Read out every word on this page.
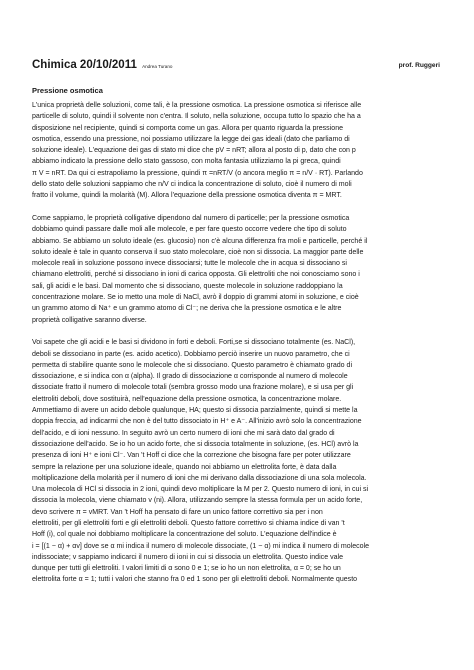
Chimica 20/10/2011 Andrea Turano	prof. Ruggeri
Pressione osmotica

L'unica proprietà delle soluzioni, come tali, è la pressione osmotica. La pressione osmotica si riferisce alle
particelle di soluto, quindi il solvente non c'entra. Il soluto, nella soluzione, occupa tutto lo spazio che ha a
disposizione nel recipiente, quindi si comporta come un gas. Allora per quanto riguarda la pressione
osmotica, essendo una pressione, noi possiamo utilizzare la legge dei gas ideali (dato che parliamo di
soluzione ideale). L'equazione dei gas di stato mi dice che pV = nRT; allora al posto di p, dato che con p
abbiamo indicato la pressione dello stato gassoso, con molta fantasia utilizziamo la pi greca, quindi
π V = nRT. Da qui ci estrapoliamo la pressione, quindi π =nRT/V (o ancora meglio π = n/V · RT). Parlando
dello stato delle soluzioni sappiamo che n/V ci indica la concentrazione di soluto, cioè il numero di moli
fratto il volume, quindi la molarità (M). Allora l'equazione della pressione osmotica diventa π = MRT.

Come sappiamo, le proprietà colligative dipendono dal numero di particelle; per la pressione osmotica
dobbiamo quindi passare dalle moli alle molecole, e per fare questo occorre vedere che tipo di soluto
abbiamo. Se abbiamo un soluto ideale (es. glucosio) non c'è alcuna differenza fra moli e particelle, perché il
soluto ideale è tale in quanto conserva il suo stato molecolare, cioè non si dissocia. La maggior parte delle
molecole reali in soluzione possono invece dissociarsi; tutte le molecole che in acqua si dissociano si
chiamano elettroliti, perché si dissociano in ioni di carica opposta. Gli elettroliti che noi conosciamo sono i
sali, gli acidi e le basi. Dal momento che si dissociano, queste molecole in soluzione raddoppiano la
concentrazione molare. Se io metto una mole di NaCl, avrò il doppio di grammi atomi in soluzione, e cioè
un grammo atomo di Na⁺ e un grammo atomo di Cl⁻; ne deriva che la pressione osmotica e le altre
proprietà colligative saranno diverse.

Voi sapete che gli acidi e le basi si dividono in forti e deboli. Forti,se si dissociano totalmente (es. NaCl),
deboli se dissociano in parte (es. acido acetico). Dobbiamo perciò inserire un nuovo parametro, che ci
permetta di stabilire quante sono le molecole che si dissociano. Questo parametro è chiamato grado di
dissociazione, e si indica con α (alpha). Il grado di dissociazione α corrisponde al numero di molecole
dissociate fratto il numero di molecole totali (sembra grosso modo una frazione molare), e si usa per gli
elettroliti deboli, dove sostituirà, nell'equazione della pressione osmotica, la concentrazione molare.
Ammettiamo di avere un acido debole qualunque, HA; questo si dissocia parzialmente, quindi si mette la
doppia freccia, ad indicarmi che non è del tutto dissociato in H⁺ e A⁻. All'inizio avrò solo la concentrazione
dell'acido, e di ioni nessuno. In seguito avrò un certo numero di ioni che mi sarà dato dal grado di
dissociazione dell'acido. Se io ho un acido forte, che si dissocia totalmente in soluzione, (es. HCl) avrò la
presenza di ioni H⁺ e ioni Cl⁻. Van 't Hoff ci dice che la correzione che bisogna fare per poter utilizzare
sempre la relazione per una soluzione ideale, quando noi abbiamo un elettrolita forte, è data dalla
moltiplicazione della molarità per il numero di ioni che mi derivano dalla dissociazione di una sola molecola.
Una molecola di HCl si dissocia in 2 ioni, quindi devo moltiplicare la M per 2. Questo numero di ioni, in cui si
dissocia la molecola, viene chiamato v (ni). Allora, utilizzando sempre la stessa formula per un acido forte,
devo scrivere π = vMRT. Van 't Hoff ha pensato di fare un unico fattore correttivo sia per i non
elettroliti, per gli elettroliti forti e gli elettroliti deboli. Questo fattore correttivo si chiama indice di van 't
Hoff (i), col quale noi dobbiamo moltiplicare la concentrazione del soluto. L'equazione dell'indice è
i = [(1 − α) + αv] dove se α mi indica il numero di molecole dissociate, (1 − α) mi indica il numero di molecole
indissociate; v sappiamo indicarci il numero di ioni in cui si dissocia un elettrolita. Questo indice vale
dunque per tutti gli elettroliti. I valori limiti di α sono 0 e 1; se io ho un non elettrolita, α = 0; se ho un
elettrolita forte α = 1; tutti i valori che stanno fra 0 ed 1 sono per gli elettroliti deboli. Normalmente questo
